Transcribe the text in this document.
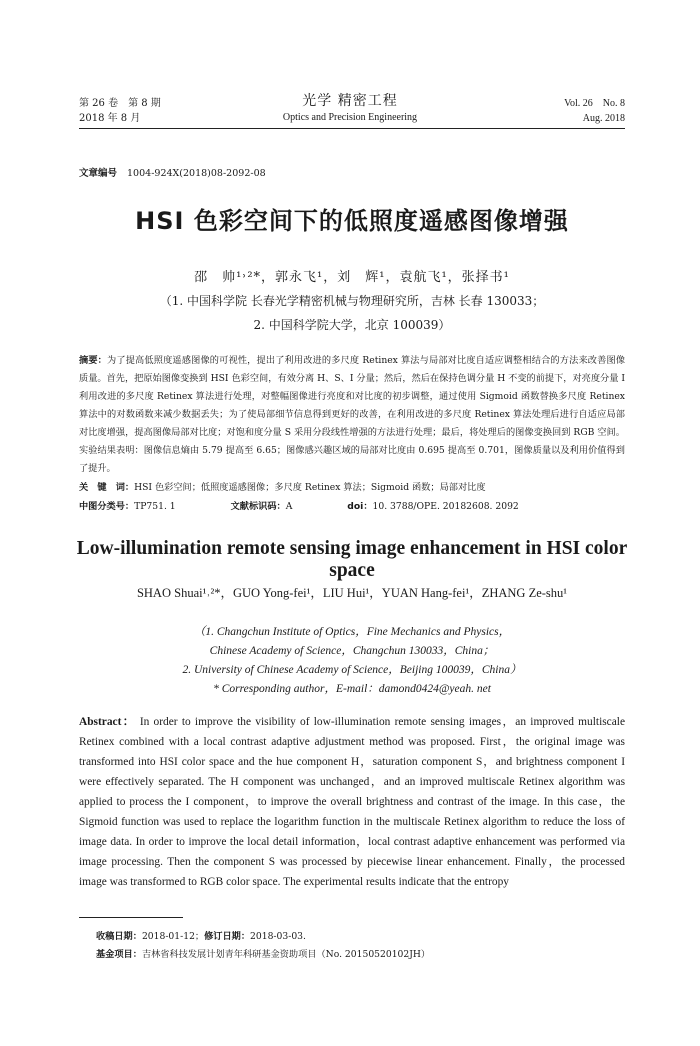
第 26 卷　第 8 期
2018 年 8 月
光学 精密工程
Optics and Precision Engineering
Vol. 26　No. 8
Aug. 2018
文章编号 1004-924X(2018)08-2092-08
HSI 色彩空间下的低照度遥感图像增强
邵　帅¹˒²*，郭永飞¹，刘　辉¹，袁航飞¹，张择书¹
（1. 中国科学院 长春光学精密机械与物理研究所，吉林 长春 130033；
2. 中国科学院大学，北京 100039）
摘要：为了提高低照度遥感图像的可视性，提出了利用改进的多尺度 Retinex 算法与局部对比度自适应调整相结合的方法来改善图像质量。首先，把原始图像变换到 HSI 色彩空间，有效分离 H、S、I 分量；然后，然后在保持色调分量 H 不变的前提下，对亮度分量 I 利用改进的多尺度 Retinex 算法进行处理，对整幅图像进行亮度和对比度的初步调整，通过使用 Sigmoid 函数替换多尺度 Retinex 算法中的对数函数来减少数据丢失；为了使局部细节信息得到更好的改善，在利用改进的多尺度 Retinex 算法处理后进行自适应局部对比度增强，提高图像局部对比度；对饱和度分量 S 采用分段线性增强的方法进行处理；最后，将处理后的图像变换回到 RGB 空间。实验结果表明：图像信息熵由 5.79 提高至 6.65；图像感兴趣区域的局部对比度由 0.695 提高至 0.701，图像质量以及利用价值得到了提升。
关　键　词：HSI 色彩空间；低照度遥感图像；多尺度 Retinex 算法；Sigmoid 函数；局部对比度
中图分类号：TP751. 1	文献标识码：A	doi：10. 3788/OPE. 20182608. 2092
Low-illumination remote sensing image enhancement in HSI color space
SHAO Shuai¹˒²*，GUO Yong-fei¹，LIU Hui¹，YUAN Hang-fei¹，ZHANG Ze-shu¹
（1. Changchun Institute of Optics，Fine Mechanics and Physics，
Chinese Academy of Science，Changchun 130033，China；
2. University of Chinese Academy of Science，Beijing 100039，China）
* Corresponding author，E-mail：damond0424@yeah. net
Abstract： In order to improve the visibility of low-illumination remote sensing images，an improved multiscale Retinex combined with a local contrast adaptive adjustment method was proposed. First，the original image was transformed into HSI color space and the hue component H，saturation component S，and brightness component I were effectively separated. The H component was unchanged，and an improved multiscale Retinex algorithm was applied to process the I component，to improve the overall brightness and contrast of the image. In this case，the Sigmoid function was used to replace the logarithm function in the multiscale Retinex algorithm to reduce the loss of image data. In order to improve the local detail information，local contrast adaptive enhancement was performed via image processing. Then the component S was processed by piecewise linear enhancement. Finally，the processed image was transformed to RGB color space. The experimental results indicate that the entropy
收稿日期：2018-01-12；修订日期：2018-03-03.
基金项目：吉林省科技发展计划青年科研基金资助项目（No. 20150520102JH）
